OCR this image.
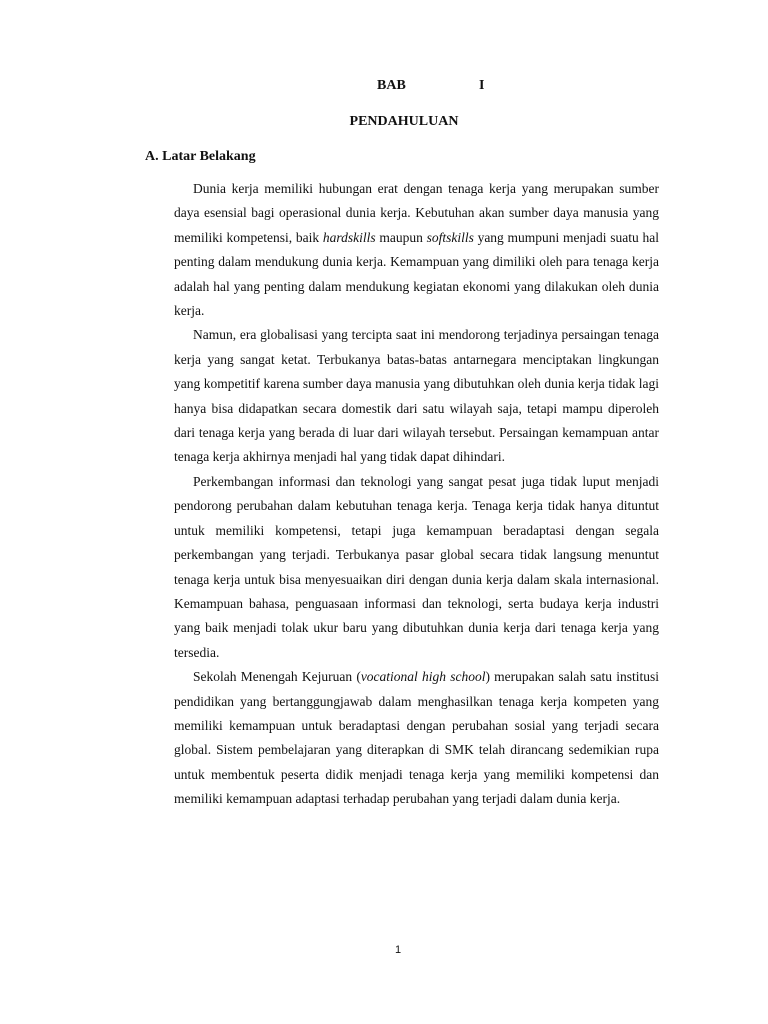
BAB	I
PENDAHULUAN
A. Latar Belakang

Dunia kerja memiliki hubungan erat dengan tenaga kerja yang merupakan sumber daya esensial bagi operasional dunia kerja. Kebutuhan akan sumber daya manusia yang memiliki kompetensi, baik hardskills maupun softskills yang mumpuni menjadi suatu hal penting dalam mendukung dunia kerja. Kemampuan yang dimiliki oleh para tenaga kerja adalah hal yang penting dalam mendukung kegiatan ekonomi yang dilakukan oleh dunia kerja.

Namun, era globalisasi yang tercipta saat ini mendorong terjadinya persaingan tenaga kerja yang sangat ketat. Terbukanya batas-batas antarnegara menciptakan lingkungan yang kompetitif karena sumber daya manusia yang dibutuhkan oleh dunia kerja tidak lagi hanya bisa didapatkan secara domestik dari satu wilayah saja, tetapi mampu diperoleh dari tenaga kerja yang berada di luar dari wilayah tersebut. Persaingan kemampuan antar tenaga kerja akhirnya menjadi hal yang tidak dapat dihindari.

Perkembangan informasi dan teknologi yang sangat pesat juga tidak luput menjadi pendorong perubahan dalam kebutuhan tenaga kerja. Tenaga kerja tidak hanya dituntut untuk memiliki kompetensi, tetapi juga kemampuan beradaptasi dengan segala perkembangan yang terjadi. Terbukanya pasar global secara tidak langsung menuntut tenaga kerja untuk bisa menyesuaikan diri dengan dunia kerja dalam skala internasional. Kemampuan bahasa, penguasaan informasi dan teknologi, serta budaya kerja industri yang baik menjadi tolak ukur baru yang dibutuhkan dunia kerja dari tenaga kerja yang tersedia.

Sekolah Menengah Kejuruan (vocational high school) merupakan salah satu institusi pendidikan yang bertanggungjawab dalam menghasilkan tenaga kerja kompeten yang memiliki kemampuan untuk beradaptasi dengan perubahan sosial yang terjadi secara global. Sistem pembelajaran yang diterapkan di SMK telah dirancang sedemikian rupa untuk membentuk peserta didik menjadi tenaga kerja yang memiliki kompetensi dan memiliki kemampuan adaptasi terhadap perubahan yang terjadi dalam dunia kerja.

1
